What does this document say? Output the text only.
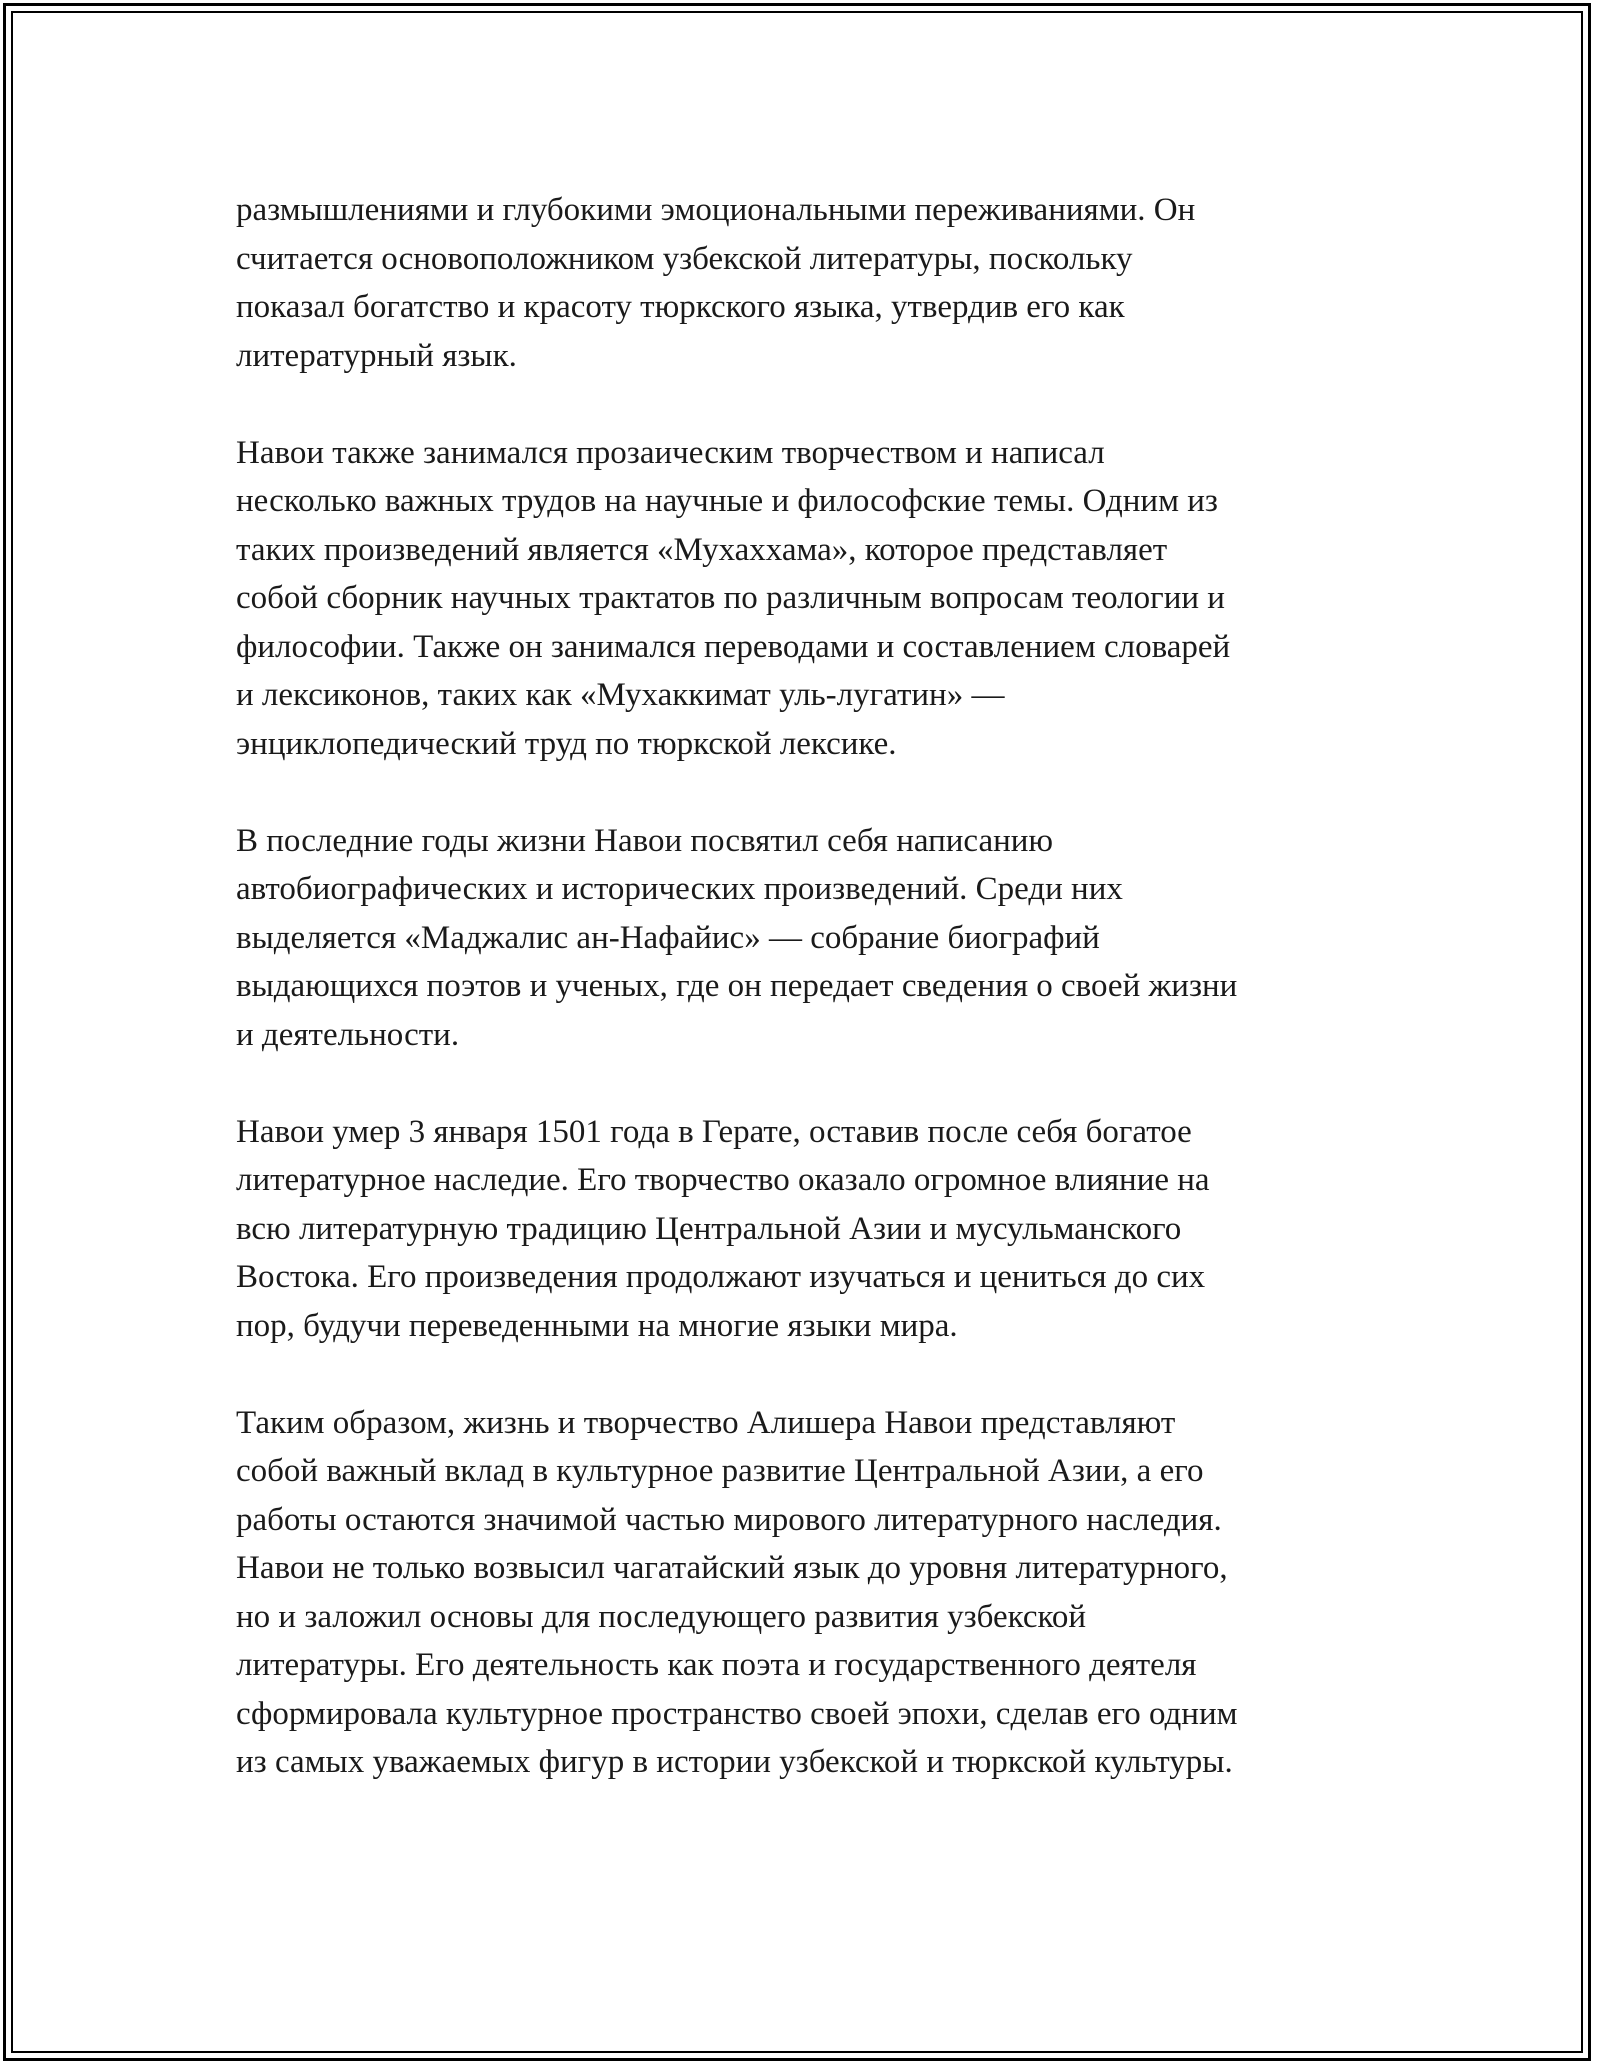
размышлениями и глубокими эмоциональными переживаниями. Он
считается основоположником узбекской литературы, поскольку
показал богатство и красоту тюркского языка, утвердив его как
литературный язык.

Навои также занимался прозаическим творчеством и написал
несколько важных трудов на научные и философские темы. Одним из
таких произведений является «Мухаххама», которое представляет
собой сборник научных трактатов по различным вопросам теологии и
философии. Также он занимался переводами и составлением словарей
и лексиконов, таких как «Мухаккимат уль-лугатин» —
энциклопедический труд по тюркской лексике.

В последние годы жизни Навои посвятил себя написанию
автобиографических и исторических произведений. Среди них
выделяется «Маджалис ан-Нафайис» — собрание биографий
выдающихся поэтов и ученых, где он передает сведения о своей жизни
и деятельности.

Навои умер 3 января 1501 года в Герате, оставив после себя богатое
литературное наследие. Его творчество оказало огромное влияние на
всю литературную традицию Центральной Азии и мусульманского
Востока. Его произведения продолжают изучаться и цениться до сих
пор, будучи переведенными на многие языки мира.

Таким образом, жизнь и творчество Алишера Навои представляют
собой важный вклад в культурное развитие Центральной Азии, а его
работы остаются значимой частью мирового литературного наследия.
Навои не только возвысил чагатайский язык до уровня литературного,
но и заложил основы для последующего развития узбекской
литературы. Его деятельность как поэта и государственного деятеля
сформировала культурное пространство своей эпохи, сделав его одним
из самых уважаемых фигур в истории узбекской и тюркской культуры.
